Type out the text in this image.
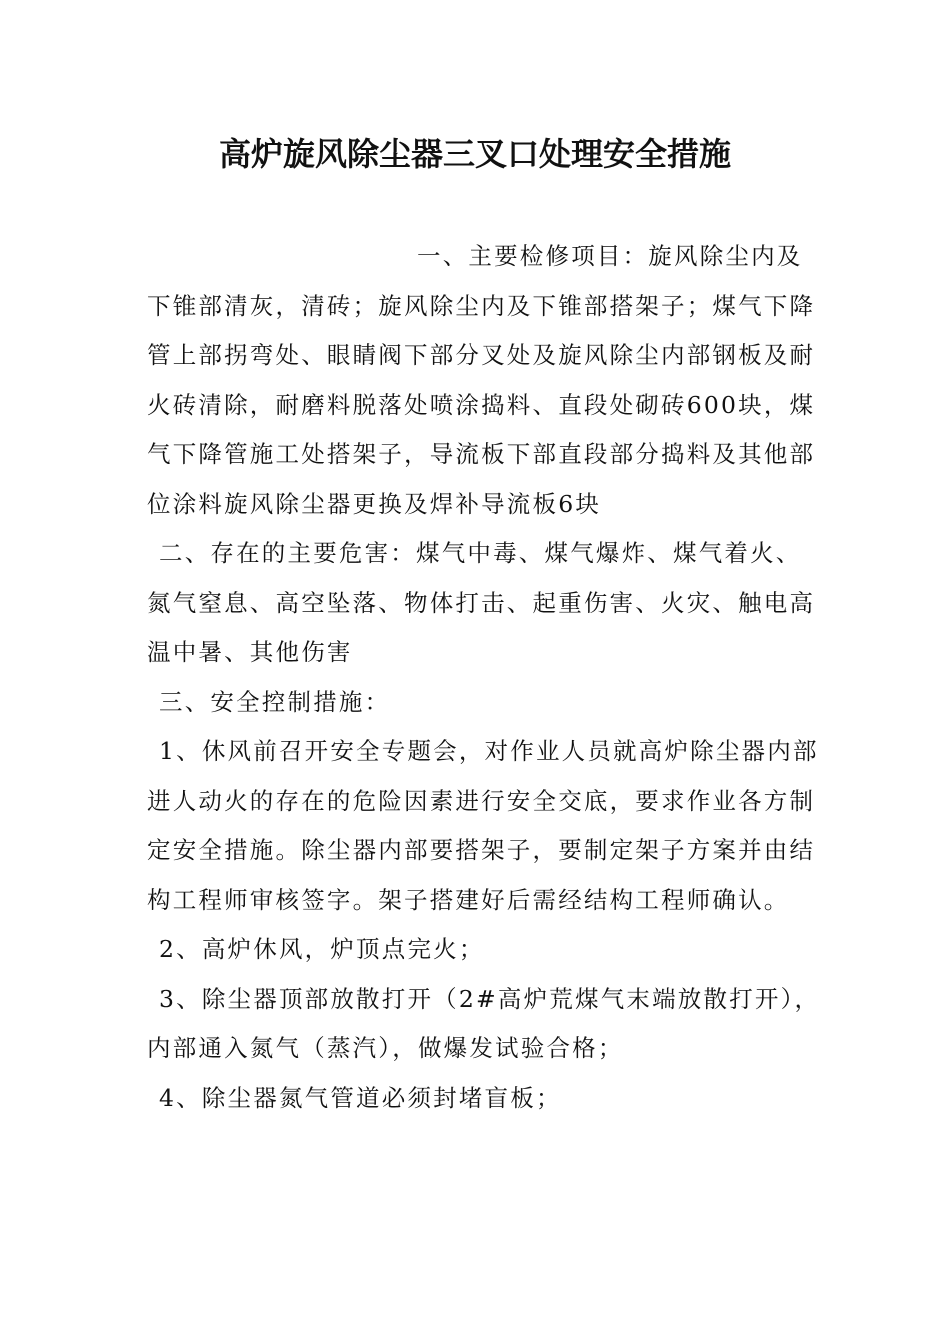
高炉旋风除尘器三叉口处理安全措施

一、主要检修项目：旋风除尘内及下锥部清灰，清砖；旋风除尘内及下锥部搭架子；煤气下降管上部拐弯处、眼睛阀下部分叉处及旋风除尘内部钢板及耐火砖清除，耐磨料脱落处喷涂捣料、直段处砌砖600块，煤气下降管施工处搭架子，导流板下部直段部分捣料及其他部位涂料旋风除尘器更换及焊补导流板6块

二、存在的主要危害：煤气中毒、煤气爆炸、煤气着火、氮气窒息、高空坠落、物体打击、起重伤害、火灾、触电高温中暑、其他伤害

三、安全控制措施：

1、休风前召开安全专题会，对作业人员就高炉除尘器内部进人动火的存在的危险因素进行安全交底，要求作业各方制定安全措施。除尘器内部要搭架子，要制定架子方案并由结构工程师审核签字。架子搭建好后需经结构工程师确认。

2、高炉休风，炉顶点完火；

3、除尘器顶部放散打开（2#高炉荒煤气末端放散打开），内部通入氮气（蒸汽），做爆发试验合格；

4、除尘器氮气管道必须封堵盲板；
